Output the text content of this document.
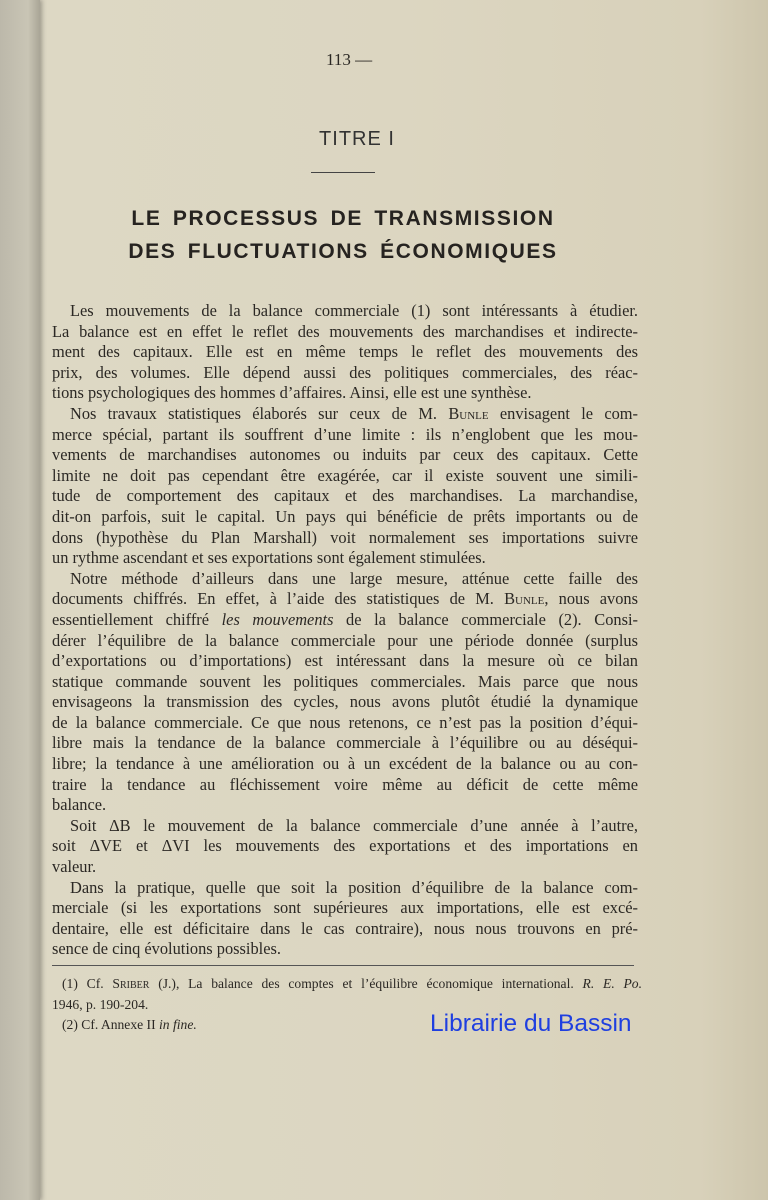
113 —
TITRE I
LE PROCESSUS DE TRANSMISSION
DES FLUCTUATIONS ÉCONOMIQUES
Les mouvements de la balance commerciale (1) sont intéressants à étudier.
La balance est en effet le reflet des mouvements des marchandises et indirecte-
ment des capitaux. Elle est en même temps le reflet des mouvements des
prix, des volumes. Elle dépend aussi des politiques commerciales, des réac-
tions psychologiques des hommes d’affaires. Ainsi, elle est une synthèse.
Nos travaux statistiques élaborés sur ceux de M. Bunle envisagent le com-
merce spécial, partant ils souffrent d’une limite : ils n’englobent que les mou-
vements de marchandises autonomes ou induits par ceux des capitaux. Cette
limite ne doit pas cependant être exagérée, car il existe souvent une simili-
tude de comportement des capitaux et des marchandises. La marchandise,
dit-on parfois, suit le capital. Un pays qui bénéficie de prêts importants ou de
dons (hypothèse du Plan Marshall) voit normalement ses importations suivre
un rythme ascendant et ses exportations sont également stimulées.
Notre méthode d’ailleurs dans une large mesure, atténue cette faille des
documents chiffrés. En effet, à l’aide des statistiques de M. Bunle, nous avons
essentiellement chiffré les mouvements de la balance commerciale (2). Consi-
dérer l’équilibre de la balance commerciale pour une période donnée (surplus
d’exportations ou d’importations) est intéressant dans la mesure où ce bilan
statique commande souvent les politiques commerciales. Mais parce que nous
envisageons la transmission des cycles, nous avons plutôt étudié la dynamique
de la balance commerciale. Ce que nous retenons, ce n’est pas la position d’équi-
libre mais la tendance de la balance commerciale à l’équilibre ou au déséqui-
libre; la tendance à une amélioration ou à un excédent de la balance ou au con-
traire la tendance au fléchissement voire même au déficit de cette même
balance.
Soit ΔB le mouvement de la balance commerciale d’une année à l’autre,
soit ΔVE et ΔVI les mouvements des exportations et des importations en
valeur.
Dans la pratique, quelle que soit la position d’équilibre de la balance com-
merciale (si les exportations sont supérieures aux importations, elle est excé-
dentaire, elle est déficitaire dans le cas contraire), nous nous trouvons en pré-
sence de cinq évolutions possibles.
(1) Cf. Sriber (J.), La balance des comptes et l’équilibre économique international. R. E. Po.
1946, p. 190-204.
(2) Cf. Annexe II in fine.	Librairie du Bassin
